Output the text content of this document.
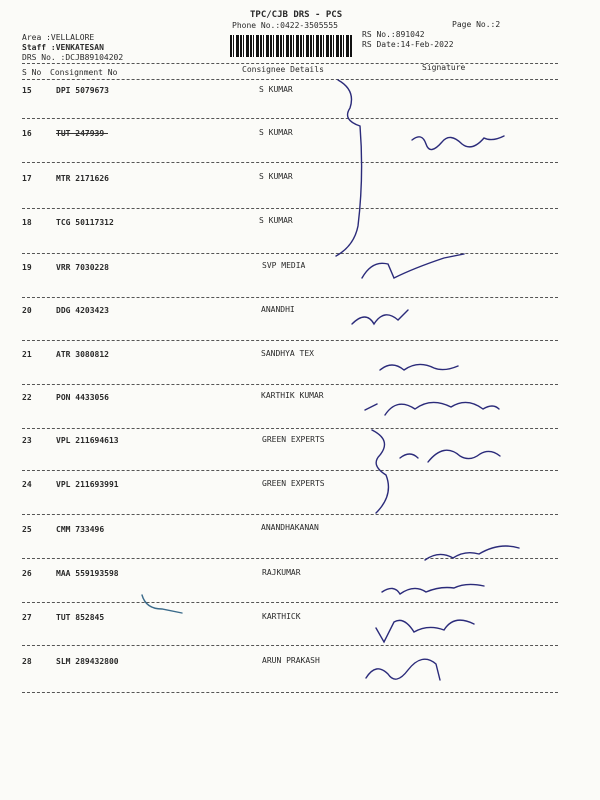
TPC/CJB DRS - PCS
Phone No.:0422-3505555	Page No.:2
Area :VELLALORE
Staff :VENKATESAN
DRS No. :DCJB89104202
RS No.:891042
RS Date:14-Feb-2022
S No Consignment No	Consignee Details	Signature
15	DPI 5079673	S KUMAR
16	TUT 247939	S KUMAR
17	MTR 2171626	S KUMAR
18	TCG 50117312	S KUMAR
19	VRR 7030228	SVP MEDIA
20	DDG 4203423	ANANDHI
21	ATR 3080812	SANDHYA TEX
22	PON 4433056	KARTHIK KUMAR
23	VPL 211694613	GREEN EXPERTS
24	VPL 211693991	GREEN EXPERTS
25	CMM 733496	ANANDHAKANAN
26	MAA 559193598	RAJKUMAR
27	TUT 852845	KARTHICK
28	SLM 289432800	ARUN PRAKASH
